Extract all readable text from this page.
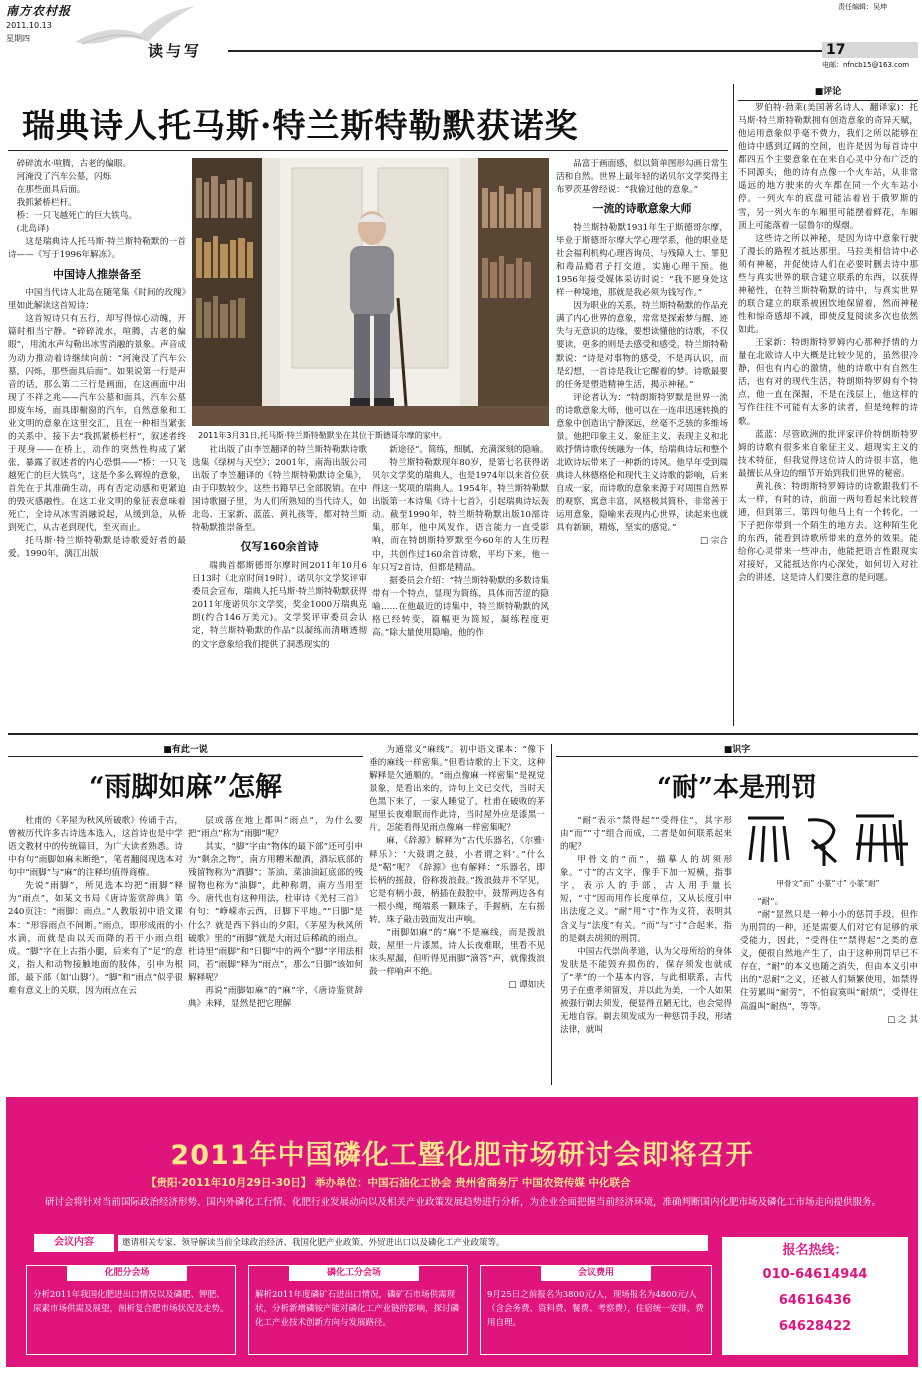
南方农村报
2011.10.13
星期四
读与写
责任编辑：吴坤
17
电邮：nfncb15@163.com
瑞典诗人托马斯·特兰斯特勒默获诺奖

碎碎流水·喧腾，古老的偏眼。

河淹没了汽车公墓，闪烁

在那些面具后面。

我抓紧桥栏杆。

桥：一只飞越死亡的巨大铁鸟。

(北岛译)

这是瑞典诗人托马斯·特兰斯特勒默的一首诗——《写于1996年解冻》。

中国诗人推崇备至

中国当代诗人北岛在随笔集《时间的玫瑰》里如此解读这首短诗：

这首短诗只有五行，却写得惊心动魄，开篇时相当宁静。“碎碎流水，喧腾，古老的偏眼”，用流水声勾勒出冰雪消融的景象。声音成为动力推动着诗继续向前：“河淹没了汽车公墓，闪烁，那些面具后面”。如果说第一行是声音的话，那么第二三行是画面，在这画面中出现了不祥之兆——汽车公墓和面具，汽车公墓即废车场，面具即橱窗的汽车，自然意象和工业文明的意象在这里交汇，且在一种相当紧张的关系中。接下去“我抓紧桥栏杆”，叙述者终于现身——在桥上，动作的突然性构成了紧张，暴露了叙述者的内心恐惧——“桥：一只飞越死亡的巨大铁鸟”，这是个多么辉煌的意象，首先在于其准确生动，再有否定动感和更紧迫的毁灭感融性。在这工业文明的象征表意味着死亡，全诗从冰雪消融说起，从缓到急，从桥到死亡，从古老到现代，至灭而止。

托马斯·特兰斯特勒默是诗歌爱好者的最爱。1990年，漓江出版

2011年3月31日,托马斯·特兰斯特勒默坐在其位于斯德哥尔摩的家中。

社出版了由李笠翻译的特兰斯特勒默诗歌选集《绿树与天空》；2001年，南海出版公司出版了李笠翻译的《特兰斯特勒默诗全集》，由于印数较少，这些书籍早已全部脱销。在中国诗歌圈子里，为人们所熟知的当代诗人，如北岛、王家新、蓝蓝、黄礼孩等，都对特兰斯特勒默推崇备至。

仅写160余首诗

瑞典首都斯德哥尔摩时间2011年10月6日13时（北京时间19时），诺贝尔文学奖评审委员会宣布，瑞典人托马斯·特兰斯特勒默获得2011年度诺贝尔文学奖，奖金1000万瑞典克朗(约合146万美元)。文学奖评审委员会认定，特兰斯特勒默的作品“以凝练而清晰透彻的文字意象给我们提供了洞悉现实的

新途径”。简练，细腻，充满深刻的隐喻。

特兰斯特勒默现年80岁，是第七名获得诺贝尔文学奖的瑞典人，也是1974年以来首位获得这一奖项的瑞典人。1954年，特兰斯特勒默出版第一本诗集《诗十七首》，引起瑞典诗坛轰动。截至1990年，特兰斯特勒默出版10部诗集，那年，他中风发作，语言能力一直受影响，而在特朗斯特罗默至今60年的人生历程中，共创作过160余首诗歌，平均下来，他一年只写2首诗，但都是精品。

据委员会介绍：“特兰斯特勒默的多数诗集带有一个特点，显现为简练，具体而苦涩的隐喻……在他最近的诗集中，特兰斯特勒默的风格已经转变，篇幅更为简短，凝练程度更高。”除大量使用隐喻，他的作

品富于画面感，似以简单图形勾画日常生活和自然。世界上最年轻的诺贝尔文学奖得主布罗茨基曾经说：“我偷过他的意象。”

一流的诗歌意象大师

特兰斯特勒默1931年生于斯德哥尔摩，毕业于斯德哥尔摩大学心理学系，他的职业是社会福利机构心理咨询员，与残障人士、罪犯和毒品瘾君子打交道，实施心理干预。他1956年接受媒体采访时说：“我不愿身处这样一种境地，那就是我必须为钱写作。”

因为职业的关系，特兰斯特勒默的作品充满了内心世界的意象，常常是探索梦与醒、迹失与无意识的边缘，要想读懂他的诗歌，不仅要读，更多的则是去感受和感受。特兰斯特勒默说：“诗是对事物的感受，不是再认识，而是幻想，一首诗是我让它醒着的梦。诗歌最要的任务是塑造精神生活，揭示神秘。”

评论者认为：“特朗斯特罗默是世界一流的诗歌意象大师，他可以在一连串迅速转换的意象中创造出宁静深远，丝毫不乏骇的多维场景。他把印象主义、象征主义、表现主义和北欧抒情诗歌传统融为一体，给瑞典诗坛和整个北欧诗坛带来了一种新的诗风。他早年受到瑞典诗人林德格伦和现代主义诗歌的影响，后来自成一家，而诗歌的意象来源于对周围自然界的观察，寓意丰富，风格极其简朴，非常善于运用意象，隐喻来表现内心世界，读起来也就具有新颖，精炼，坚实的感觉。”

□ 宗合

■评论

罗伯特·勃莱(美国著名诗人、翻译家)：托马斯·特兰斯特勒默拥有创造意象的奇异天赋，他运用意象似乎毫不费力，我们之所以能够在他诗中感到辽阔的空间，也许是因为每首诗中都四五个主要意象在在来自心灵中分布广泛的不同源头，他的诗有点像一个火车站，从非常遥远的地方驶来的火车都在同一个火车站小停。一列火车的底盘可能沾着岩于俄罗斯的雪，另一列火车的车厢里可能摆着鲜花，车厢顶上可能落着一层鲁尔的煤烟。

这些诗之所以神秘，是因为诗中意象行驶了漫长的路程才抵达那里。马拉美相信诗中必须有神秘，并促使诗人们在必要时删去诗中那些与真实世界的联合建立联系的东西，以获得神秘性，在特兰斯特勒默的诗中，与真实世界的联合建立的联系被困饮地保留着，然而神秘性和惊奇感却不减，即使反复阅读多次也依然如此。

王家新：特朗斯特罗姆内心那种抒情的力量在北欧诗人中大概是比较少见的，虽然很冷静，但也有内心的激情，他的诗歌中有自然生活，也有对的现代生活，特朗斯特罗姆有个特点，他一直在深掘，不是在浅层上，他这样的写作往往不可能有太多的读者，但是纯粹的诗歌。

蓝蓝：尽管欧洲的批评家评价特朗斯特罗姆的诗歌有很多来自象征主义、超现实主义的技术特征，但我觉得这位诗人的诗很丰富，他最擅长从身边的细节开始到我们世界的秘密。

黄礼孩：特朗斯特罗姆诗的诗歌跟我们不太一样，有时的诗，前面一两句看起来比较普通，但到第三、第四句他马上有一个转化，一下子把你带到一个陌生的地方去。这种陌生化的东西，能看到诗歌所带来的意外的效果。能给你心灵带来一些冲击，他能把语言性跟现实对接好，又能抵达你内心深处，如何切入对社会的讲述，这是诗人们要注意的是问题。

■有此一说
“雨脚如麻”怎解

杜甫的《茅屋为秋风所破歌》传诵千古，曾被历代许多古诗选本选入，这首诗也是中学语文教材中的传统篇目，为广大读者熟悉。诗中有句“雨脚如麻未断绝”，笔者翻阅现选本对句中“雨脚”与“麻”的注释均值得商榷。

先说“雨脚”，所见选本均把“雨脚”释为“雨点”，如某文书局《唐诗鉴赏辞典》第240页注：“雨脚：雨点。”人教版初中语文课本：“形容雨点不间断。”雨点，即形成雨的小水滴，而就是由以天而降的若干小雨点组成。“脚”字在上古指小腿，后来有了“足”的意义，指人和动物接触地面的肢体，引申为根部，最下部（如‘山脚’）。“脚”和“雨点”似乎很难有意义上的关联，因为雨点在云

层或落在地上都叫“雨点”，为什么要把“雨点”称为“雨脚”呢？

其实，“脚”字由“物体的最下部”还可引申为“剩余之物”，南方用糟米酿酒，酒坛底部的残留物称为“酒脚”；茶油、菜油油缸底部的残留物也称为“油脚”，此种称谓，南方当用至今。唐代也有这种用法，杜审诗《羌村三首》有句：“峥嵘赤云西，日脚下平地。”“日脚”是什么？就是西下斜山的夕阳，《茅屋为秋风所破歌》里的“雨脚”就是大雨过后稀疏的雨点。杜诗里“雨脚”和“日脚”中的两个“脚”字用法相同，若“雨脚”释为“雨点”，那么“日脚”该如何解释呢？

再说“雨脚如麻”的“麻”字，《唐诗鉴赏辞典》未释，显然是把它理解

为通常义“麻线”。初中语文课本：“像下垂的麻线一样密集。”但看诗歌的上下文，这种解释是欠通顺的。“雨点像麻一样密集”是视觉景象，是看出来的，诗句上文已交代，当时天色黑下来了，一家人睡觉了，杜甫在破败的茅屋里长夜难眠而作此诗，当时屋外应是漆黑一片，怎能看得见雨点像麻一样密集呢？

麻，《辞源》解释为“古代乐器名，《尔雅·释乐》：‘大鼓谓之鼓，小者谓之料’。”什么是“鞀”呢？《辞源》也有解释：“乐器名，即长柄的摇鼓，俗称拨浪鼓。”拨浪鼓并不罕见，它是有柄小鼓，柄插在鼓腔中，鼓帮两边各有一根小绳，绳端系一颗珠子，手握柄，左右摇转，珠子敲击鼓面发出声响。

“雨脚如麻”的“麻”不是麻线，而是拨浪鼓，屋里一片漆黑，诗人长夜难眠，里看不见床头屋漏，但听得见雨脚“滴答”声，就像拨浪鼓一样响声不绝。

□ 谭如庆

■识字
“耐”本是刑罚

“耐”表示“禁得起”“受得住”，其字形由“而”“寸”组合而成，二者是如何联系起来的呢？

甲骨文的“而”，描摹人的胡须形象。“寸”的古文字，像手下加一短横，指事字，表示人的手部，古人用手量长短，“寸”因而用作长度单位，又从长度引申出法度之义。“耐”用“寸”作为义符，表明其含义与“法度”有关。“而”与“寸”合起来，指的是剃去胡须的刑罚。

中国古代崇尚孝道，认为父母所给的身体发肤是不能毁弃损伤的，保存须发也就成了“孝”的一个基本内容，与此相联系，古代男子在重孝须留发，并以此为美，一个人如果被强行剃去须发，便显得丑陋无比，也会觉得无地自容。剃去须发成为一种惩罚手段，形诸法律，就叫

甲骨文“而” 小篆“寸” 小篆“耐”

“耐”。

“耐”显然只是一种小小的惩罚手段，但作为刑罚的一种，还是需要人们对它有足够的承受能力，因此，“受得住”“禁得起”之类的意义，便很自然地产生了，由于这种刑罚早已不存在，“耐”的本义也随之消失，但由本义引申出的“忍耐”之义，还被人们频繁使用，如禁得住劳累叫“耐劳”，不怕寂寞叫“耐烦”，受得住高温叫“耐热”，等等。

□ 之 其

2011年中国磷化工暨化肥市场研讨会即将召开
【贵阳·2011年10月29日-30日】 举办单位：中国石油化工协会 贵州省商务厅 中国农资传媒 中化联合
研讨会将针对当前国际政治经济形势、国内外磷化工行情、化肥行业发展动向以及相关产业政策发展趋势进行分析，为企业全面把握当前经济环境，准确判断国内化肥市场及磷化工市场走向提供服务。
会议内容	邀请相关专家、领导解读当前全球政治经济、我国化肥产业政策、外贸进出口以及磷化工产业政策等。	报名热线：
010-64614944
64616436
64628422
化肥分会场
分析2011年我国化肥进出口情况以及磷肥、钾肥、尿素市场供需及展望，剖析复合肥市场状况及走势。
磷化工分会场
解析2011年度磷矿石进出口情况，磷矿石市场供需现状，分析新增磷铵产能对磷化工产业链的影响，探讨磷化工产业技术创新方向与发展路径。
会议费用
9月25日之前报名为3800元/人，现场报名为4800元/人（含会务费、资料费、餐费、考察费），住宿统一安排，费用自理。
